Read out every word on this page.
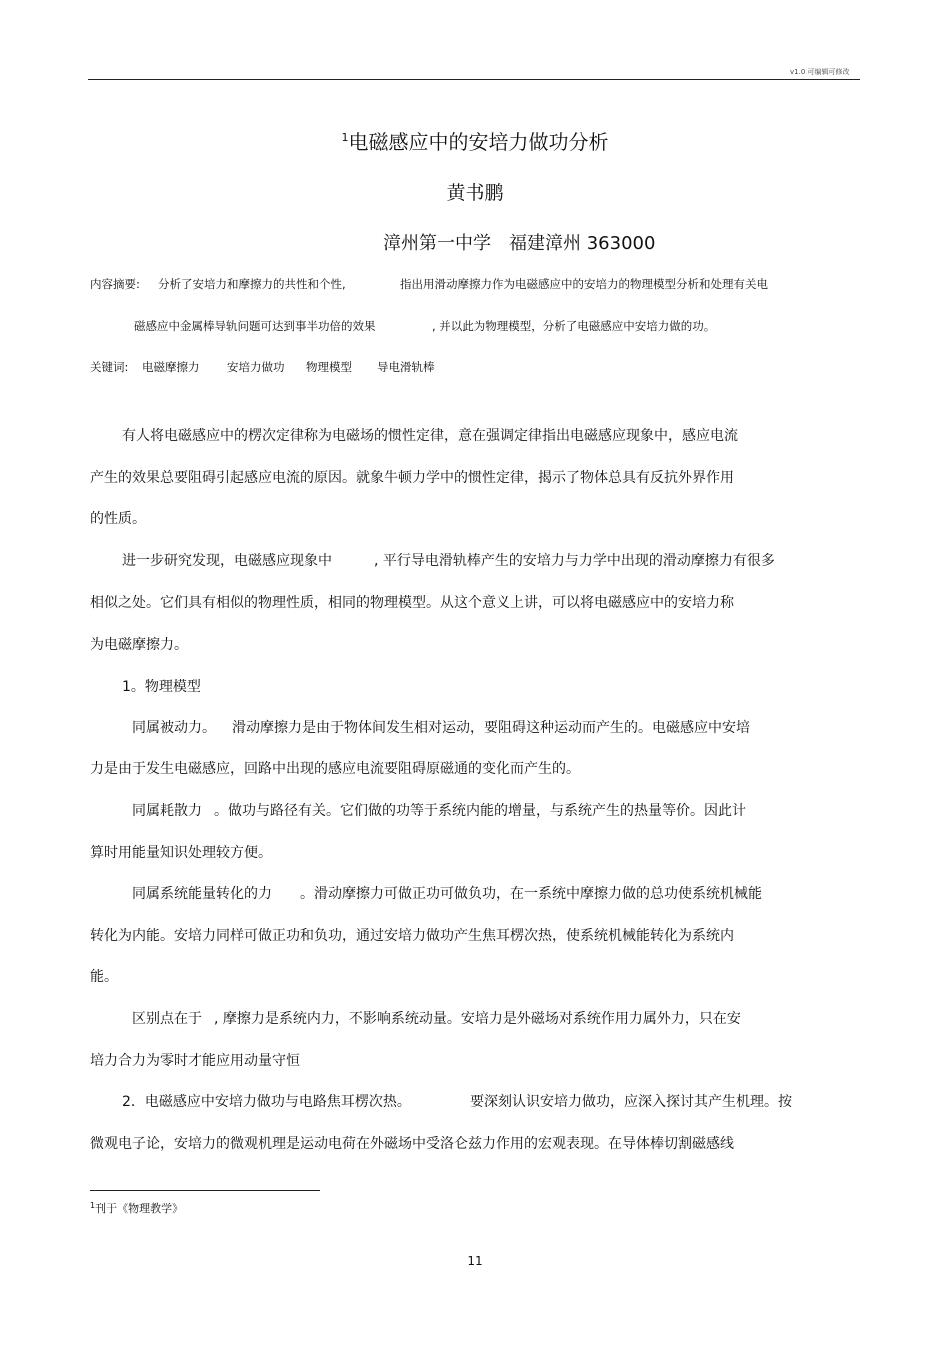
v1.0 可编辑可修改
$^1$电磁感应中的安培力做功分析
黄书鹏
漳州第一中学　福建漳州 363000
内容摘要: 分析了安培力和摩擦力的共性和个性,	指出用滑动摩擦力作为电磁感应中的安培力的物理模型分析和处理有关电
磁感应中金属棒导轨问题可达到事半功倍的效果	, 并以此为物理模型，分析了电磁感应中安培力做的功。
关键词: 电磁摩擦力 安培力做功 物理模型 导电滑轨棒
有人将电磁感应中的楞次定律称为电磁场的惯性定律，意在强调定律指出电磁感应现象中，感应电流
产生的效果总要阻碍引起感应电流的原因。就象牛顿力学中的惯性定律，揭示了物体总具有反抗外界作用
的性质。
进一步研究发现，电磁感应现象中	, 平行导电滑轨棒产生的安培力与力学中出现的滑动摩擦力有很多
相似之处。它们具有相似的物理性质，相同的物理模型。从这个意义上讲，可以将电磁感应中的安培力称
为电磁摩擦力。
1。物理模型
同属被动力。 滑动摩擦力是由于物体间发生相对运动，要阻碍这种运动而产生的。电磁感应中安培
力是由于发生电磁感应，回路中出现的感应电流要阻碍原磁通的变化而产生的。
同属耗散力 。做功与路径有关。它们做的功等于系统内能的增量，与系统产生的热量等价。因此计
算时用能量知识处理较方便。
同属系统能量转化的力 。滑动摩擦力可做正功可做负功，在一系统中摩擦力做的总功使系统机械能
转化为内能。安培力同样可做正功和负功，通过安培力做功产生焦耳楞次热，使系统机械能转化为系统内
能。
区别点在于 , 摩擦力是系统内力，不影响系统动量。安培力是外磁场对系统作用力属外力，只在安
培力合力为零时才能应用动量守恒
2．电磁感应中安培力做功与电路焦耳楞次热。	要深刻认识安培力做功，应深入探讨其产生机理。按
微观电子论，安培力的微观机理是运动电荷在外磁场中受洛仑兹力作用的宏观表现。在导体棒切割磁感线
$^1$刊于《物理教学》
11
